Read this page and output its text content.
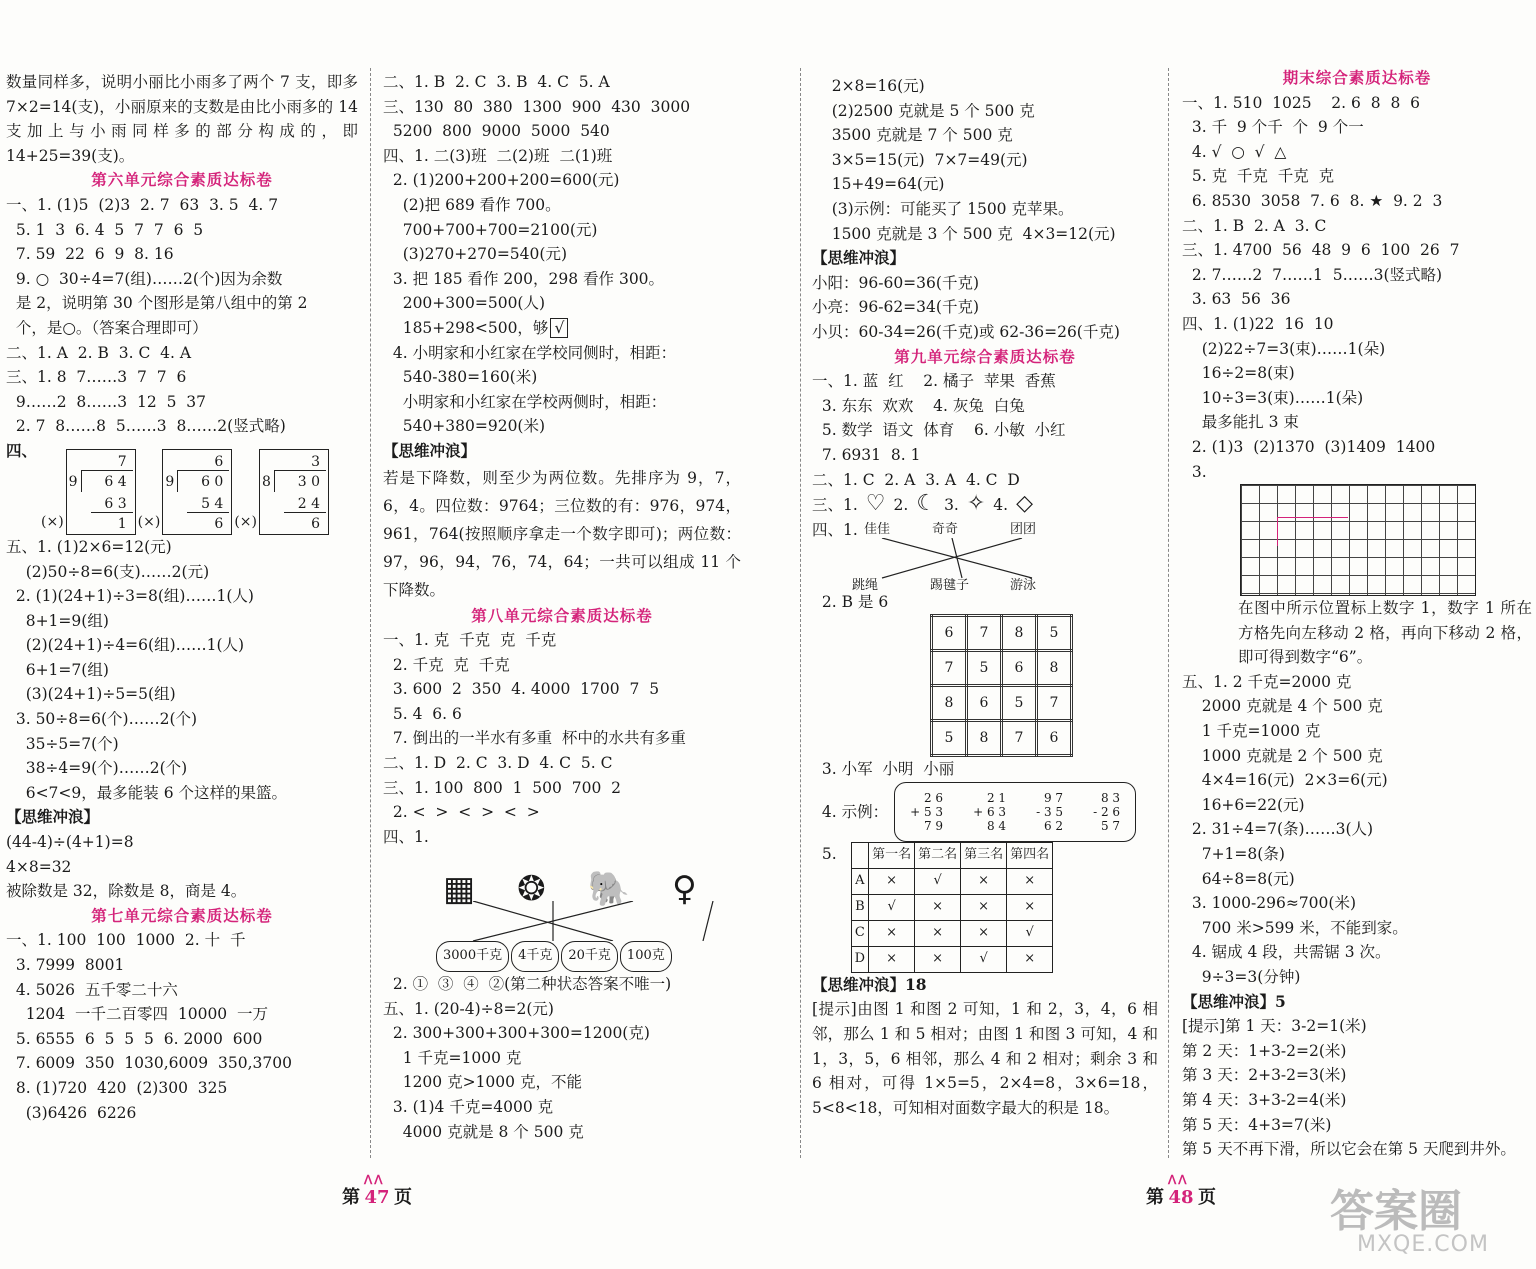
数量同样多，说明小丽比小雨多了两个 7 支，即多 7×2=14(支)，小丽原来的支数是由比小雨多的 14 支加上与小雨同样多的部分构成的，即 14+25=39(支)。
第六单元综合素质达标卷
一、1. (1)5  (2)3  2. 7  63  3. 5  4. 7
5. 1  3  6. 4  5  7  7  6  5
7. 59  22  6  9  8. 16
9. ○  30÷4=7(组)……2(个)因为余数
是 2，说明第 30 个图形是第八组中的第 2
个，是○。（答案合理即可）
二、1. A  2. B  3. C  4. A
三、1. 8  7……3  7  7  6
9……2  8……3  12  5  37
2. 7  8……8  5……3  8……2(竖式略)
四、
(×)
7
9 6 4
6 3
1 (×)
6
9 6 0
5 4
6 (×)
3
8 3 0
2 4
6
五、1. (1)2×6=12(元)
(2)50÷8=6(支)……2(元)
2. (1)(24+1)÷3=8(组)……1(人)
8+1=9(组)
(2)(24+1)÷4=6(组)……1(人)
6+1=7(组)
(3)(24+1)÷5=5(组)
3. 50÷8=6(个)……2(个)
35÷5=7(个)
38÷4=9(个)……2(个)
6<7<9，最多能装 6 个这样的果篮。
【思维冲浪】
(44-4)÷(4+1)=8
4×8=32
被除数是 32，除数是 8，商是 4。
第七单元综合素质达标卷
一、1. 100  100  1000  2. 十  千
3. 7999  8001
4. 5026  五千零二十六
1204  一千二百零四  10000  一万
5. 6555  6  5  5  5  6. 2000  600
7. 6009  350  1030,6009  350,3700
8. (1)720  420  (2)300  325
(3)6426  6226
二、1. B  2. C  3. B  4. C  5. A
三、130  80  380  1300  900  430  3000
5200  800  9000  5000  540
四、1. 二(3)班  二(2)班  二(1)班
2. (1)200+200+200=600(元)
(2)把 689 看作 700。
700+700+700=2100(元)
(3)270+270=540(元)
3. 把 185 看作 200，298 看作 300。
200+300=500(人)
185+298<500，够 √
4. 小明家和小红家在学校同侧时，相距：
540-380=160(米)
小明家和小红家在学校两侧时，相距：
540+380=920(米)
【思维冲浪】
若是下降数，则至少为两位数。先排序为 9，7，6，4。四位数：9764；三位数的有：976，974，961，764(按照顺序拿走一个数字即可)；两位数：97，96，94，76，74，64；一共可以组成 11 个下降数。
第八单元综合素质达标卷
一、1. 克  千克  克  千克
2. 千克  克  千克
3. 600  2  350  4. 4000  1700  7  5
5. 4  6. 6
7. 倒出的一半水有多重  杯中的水共有多重
二、1. D  2. C  3. D  4. C  5. C
三、1. 100  800  1  500  700  2
2. <  >  <  >  <  >
四、1.
▦ ❂ 🐘 ♀
3000千克 4千克 20千克 100克
2. ①  ③  ④  ②(第二种状态答案不唯一)
五、1. (20-4)÷8=2(元)
2. 300+300+300+300=1200(克)
1 千克=1000 克
1200 克>1000 克，不能
3. (1)4 千克=4000 克
4000 克就是 8 个 500 克
2×8=16(元)
(2)2500 克就是 5 个 500 克
3500 克就是 7 个 500 克
3×5=15(元)  7×7=49(元)
15+49=64(元)
(3)示例：可能买了 1500 克苹果。
1500 克就是 3 个 500 克  4×3=12(元)
【思维冲浪】
小阳：96-60=36(千克)
小亮：96-62=34(千克)
小贝：60-34=26(千克)或 62-36=26(千克)
第九单元综合素质达标卷
一、1. 蓝  红    2. 橘子  苹果  香蕉
3. 东东  欢欢    4. 灰兔  白兔
5. 数学  语文  体育    6. 小敏  小红
7. 6931  8. 1
二、1. C  2. A  3. A  4. C  D
三、1. ♡ 2. ☾ 3. ✧ 4. ◇
四、1. 佳佳	奇奇	团团
跳绳	踢毽子	游泳
2. B 是 6
6	7	8	5
7	5	6	8
8	6	5	7
5	8	7	6
3. 小军  小明  小丽
4. 示例：
2 6
+ 5 3
7 9
2 1
+ 6 3
8 4
9 7
- 3 5
6 2
8 3
- 2 6
5 7
5.
		第一名	第二名	第三名	第四名
A	×	√	×	×
B	√	×	×	×
C	×	×	×	√
D	×	×	√	×
【思维冲浪】18
[提示]由图 1 和图 2 可知，1 和 2，3，4，6 相邻，那么 1 和 5 相对；由图 1 和图 3 可知，4 和 1，3，5，6 相邻，那么 4 和 2 相对；剩余 3 和 6 相对，可得 1×5=5，2×4=8，3×6=18，5<8<18，可知相对面数字最大的积是 18。
期末综合素质达标卷
一、1. 510  1025    2. 6  8  8  6
3. 千  9 个千  个  9 个一
4. √  ○  √  △
5. 克  千克  千克  克
6. 8530  3058  7. 6  8. ★  9. 2  3
二、1. B  2. A  3. C
三、1. 4700  56  48  9  6  100  26  7
2. 7……2  7……1  5……3(竖式略)
3. 63  56  36
四、1. (1)22  16  10
(2)22÷7=3(束)……1(朵)
16÷2=8(束)
10÷3=3(束)……1(朵)
最多能扎 3 束
2. (1)3  (2)1370  (3)1409  1400
3.
在图中所示位置标上数字 1，数字 1 所在方格先向左移动 2 格，再向下移动 2 格，即可得到数字“6”。
五、1. 2 千克=2000 克
2000 克就是 4 个 500 克
1 千克=1000 克
1000 克就是 2 个 500 克
4×4=16(元)  2×3=6(元)
16+6=22(元)
2. 31÷4=7(条)……3(人)
7+1=8(条)
64÷8=8(元)
3. 1000-296≈700(米)
700 米>599 米，不能到家。
4. 锯成 4 段，共需锯 3 次。
9÷3=3(分钟)
【思维冲浪】5
[提示]第 1 天：3-2=1(米)
第 2 天：1+3-2=2(米)
第 3 天：2+3-2=3(米)
第 4 天：3+3-2=4(米)
第 5 天：4+3=7(米)
第 5 天不再下滑，所以它会在第 5 天爬到井外。
第 ᐱᐱ 47 页	第 ᐱᐱ 48 页	答案圈
MXQE.COM
